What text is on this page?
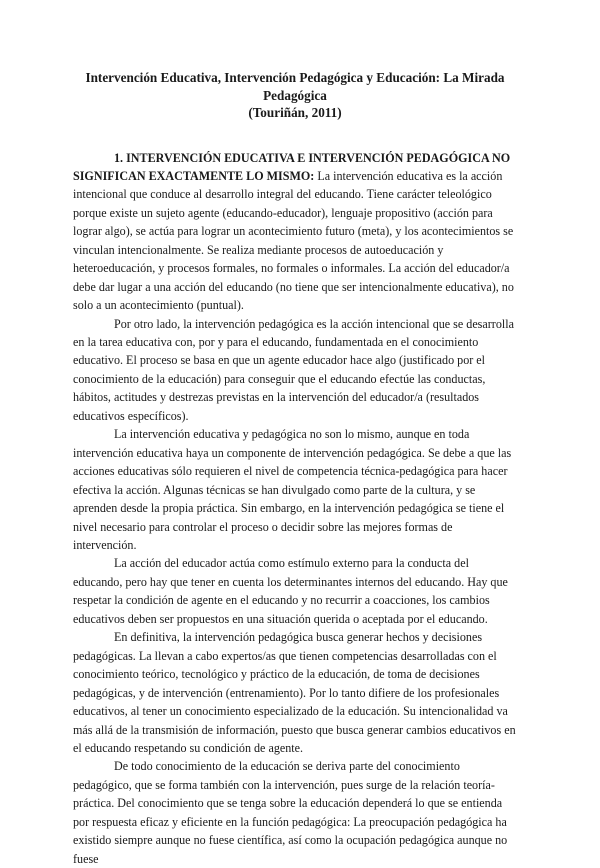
Intervención Educativa, Intervención Pedagógica y Educación: La Mirada Pedagógica
(Touriñán, 2011)

1. INTERVENCIÓN EDUCATIVA E INTERVENCIÓN PEDAGÓGICA NO SIGNIFICAN EXACTAMENTE LO MISMO: La intervención educativa es la acción intencional que conduce al desarrollo integral del educando. Tiene carácter teleológico porque existe un sujeto agente (educando-educador), lenguaje propositivo (acción para lograr algo), se actúa para lograr un acontecimiento futuro (meta), y los acontecimientos se vinculan intencionalmente. Se realiza mediante procesos de autoeducación y heteroeducación, y procesos formales, no formales o informales. La acción del educador/a debe dar lugar a una acción del educando (no tiene que ser intencionalmente educativa), no solo a un acontecimiento (puntual).

Por otro lado, la intervención pedagógica es la acción intencional que se desarrolla en la tarea educativa con, por y para el educando, fundamentada en el conocimiento educativo. El proceso se basa en que un agente educador hace algo (justificado por el conocimiento de la educación) para conseguir que el educando efectúe las conductas, hábitos, actitudes y destrezas previstas en la intervención del educador/a (resultados educativos específicos).

La intervención educativa y pedagógica no son lo mismo, aunque en toda intervención educativa haya un componente de intervención pedagógica. Se debe a que las acciones educativas sólo requieren el nivel de competencia técnica-pedagógica para hacer efectiva la acción. Algunas técnicas se han divulgado como parte de la cultura, y se aprenden desde la propia práctica. Sin embargo, en la intervención pedagógica se tiene el nivel necesario para controlar el proceso o decidir sobre las mejores formas de intervención.

La acción del educador actúa como estímulo externo para la conducta del educando, pero hay que tener en cuenta los determinantes internos del educando. Hay que respetar la condición de agente en el educando y no recurrir a coacciones, los cambios educativos deben ser propuestos en una situación querida o aceptada por el educando.

En definitiva, la intervención pedagógica busca generar hechos y decisiones pedagógicas. La llevan a cabo expertos/as que tienen competencias desarrolladas con el conocimiento teórico, tecnológico y práctico de la educación, de toma de decisiones pedagógicas, y de intervención (entrenamiento). Por lo tanto difiere de los profesionales educativos, al tener un conocimiento especializado de la educación. Su intencionalidad va más allá de la transmisión de información, puesto que busca generar cambios educativos en el educando respetando su condición de agente.

De todo conocimiento de la educación se deriva parte del conocimiento pedagógico, que se forma también con la intervención, pues surge de la relación teoría-práctica. Del conocimiento que se tenga sobre la educación dependerá lo que se entienda por respuesta eficaz y eficiente en la función pedagógica: La preocupación pedagógica ha existido siempre aunque no fuese científica, así como la ocupación pedagógica aunque no fuese
